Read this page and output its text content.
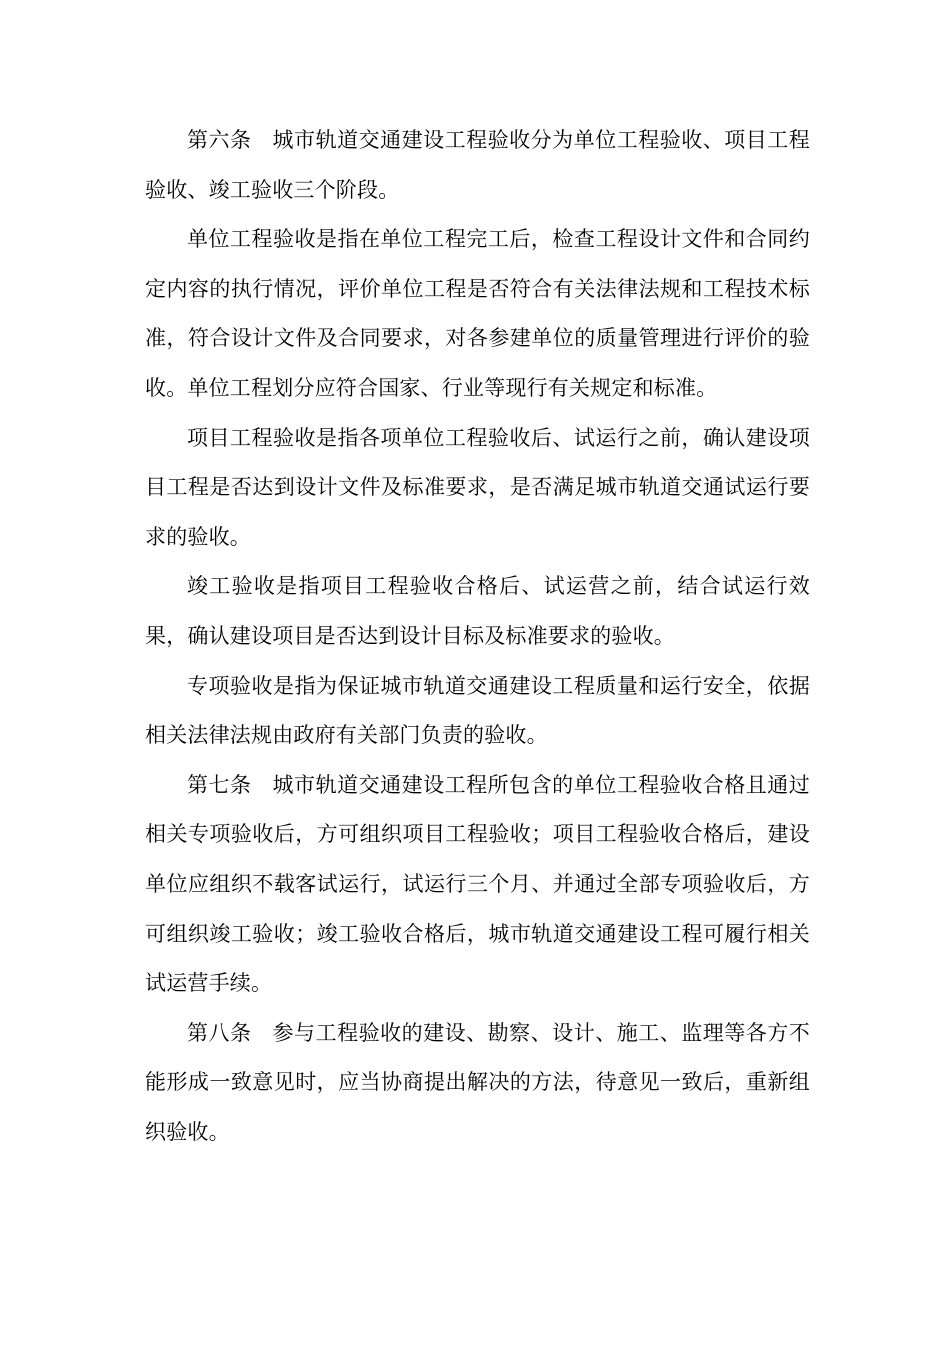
第六条 城市轨道交通建设工程验收分为单位工程验收、项目工程验收、竣工验收三个阶段。

单位工程验收是指在单位工程完工后，检查工程设计文件和合同约定内容的执行情况，评价单位工程是否符合有关法律法规和工程技术标准，符合设计文件及合同要求，对各参建单位的质量管理进行评价的验收。单位工程划分应符合国家、行业等现行有关规定和标准。

项目工程验收是指各项单位工程验收后、试运行之前，确认建设项目工程是否达到设计文件及标准要求，是否满足城市轨道交通试运行要求的验收。

竣工验收是指项目工程验收合格后、试运营之前，结合试运行效果，确认建设项目是否达到设计目标及标准要求的验收。

专项验收是指为保证城市轨道交通建设工程质量和运行安全，依据相关法律法规由政府有关部门负责的验收。

第七条 城市轨道交通建设工程所包含的单位工程验收合格且通过相关专项验收后，方可组织项目工程验收；项目工程验收合格后，建设单位应组织不载客试运行，试运行三个月、并通过全部专项验收后，方可组织竣工验收；竣工验收合格后，城市轨道交通建设工程可履行相关试运营手续。

第八条 参与工程验收的建设、勘察、设计、施工、监理等各方不能形成一致意见时，应当协商提出解决的方法，待意见一致后，重新组织验收。
